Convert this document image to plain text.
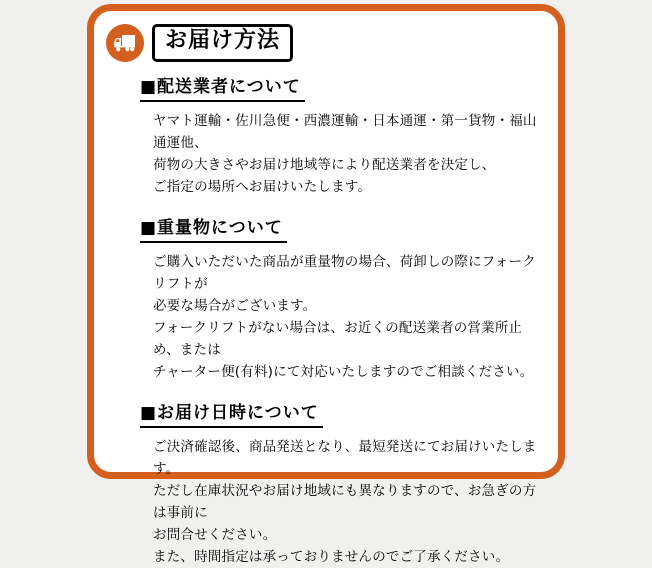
お届け方法
■配送業者について

ヤマト運輸・佐川急便・西濃運輸・日本通運・第一貨物・福山通運他、
荷物の大きさやお届け地域等により配送業者を決定し、
ご指定の場所へお届けいたします。

■重量物について

ご購入いただいた商品が重量物の場合、荷卸しの際にフォークリフトが
必要な場合がございます。
フォークリフトがない場合は、お近くの配送業者の営業所止め、または
チャーター便(有料)にて対応いたしますのでご相談ください。

■お届け日時について

ご決済確認後、商品発送となり、最短発送にてお届けいたします。
ただし在庫状況やお届け地域にも異なりますので、お急ぎの方は事前に
お問合せください。
また、時間指定は承っておりませんのでご了承ください。
